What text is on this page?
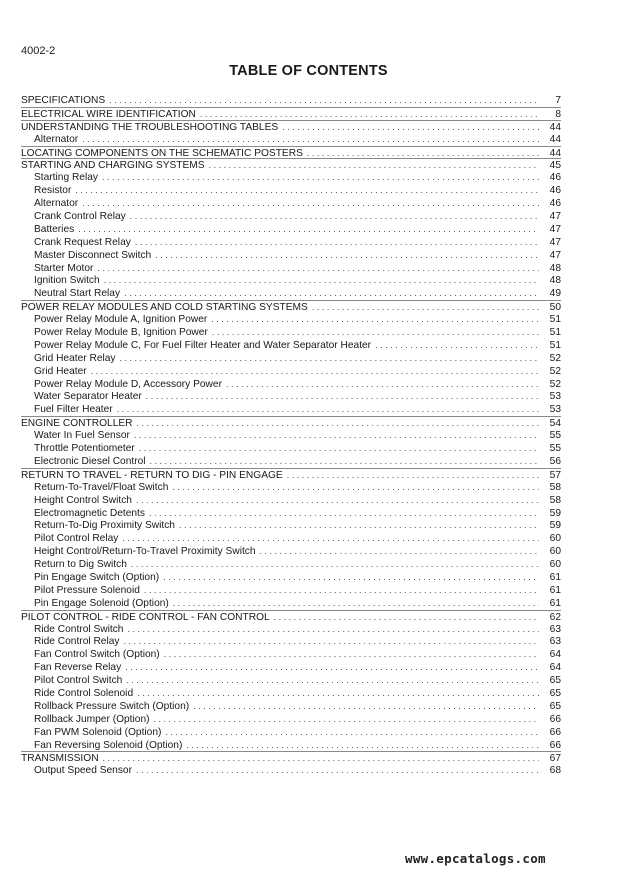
4002-2
TABLE OF CONTENTS
SPECIFICATIONS . . .	7
ELECTRICAL WIRE IDENTIFICATION . . .	8
UNDERSTANDING THE TROUBLESHOOTING TABLES . . .	44
Alternator . . .	44
LOCATING COMPONENTS ON THE SCHEMATIC POSTERS . . .	44
STARTING AND CHARGING SYSTEMS . . .	45
Starting Relay . . .	46
Resistor . . .	46
Alternator . . .	46
Crank Control Relay . . .	47
Batteries . . .	47
Crank Request Relay . . .	47
Master Disconnect Switch . . .	47
Starter Motor . . .	48
Ignition Switch . . .	48
Neutral Start Relay . . .	49
POWER RELAY MODULES AND COLD STARTING SYSTEMS . . .	50
Power Relay Module A, Ignition Power . . .	51
Power Relay Module B, Ignition Power . . .	51
Power Relay Module C, For Fuel Filter Heater and Water Separator Heater . . .	51
Grid Heater Relay . . .	52
Grid Heater . . .	52
Power Relay Module D, Accessory Power . . .	52
Water Separator Heater . . .	53
Fuel Filter Heater . . .	53
ENGINE CONTROLLER . . .	54
Water In Fuel Sensor . . .	55
Throttle Potentiometer . . .	55
Electronic Diesel Control . . .	56
RETURN TO TRAVEL - RETURN TO DIG - PIN ENGAGE . . .	57
Return-To-Travel/Float Switch . . .	58
Height Control Switch . . .	58
Electromagnetic Detents . . .	59
Return-To-Dig Proximity Switch . . .	59
Pilot Control Relay . . .	60
Height Control/Return-To-Travel Proximity Switch . . .	60
Return to Dig Switch . . .	60
Pin Engage Switch (Option) . . .	61
Pilot Pressure Solenoid . . .	61
Pin Engage Solenoid (Option) . . .	61
PILOT CONTROL - RIDE CONTROL - FAN CONTROL . . .	62
Ride Control Switch . . .	63
Ride Control Relay . . .	63
Fan Control Switch (Option) . . .	64
Fan Reverse Relay . . .	64
Pilot Control Switch . . .	65
Ride Control Solenoid . . .	65
Rollback Pressure Switch (Option) . . .	65
Rollback Jumper (Option) . . .	66
Fan PWM Solenoid (Option) . . .	66
Fan Reversing Solenoid (Option) . . .	66
TRANSMISSION . . .	67
Output Speed Sensor . . .	68
www.epcatalogs.com
